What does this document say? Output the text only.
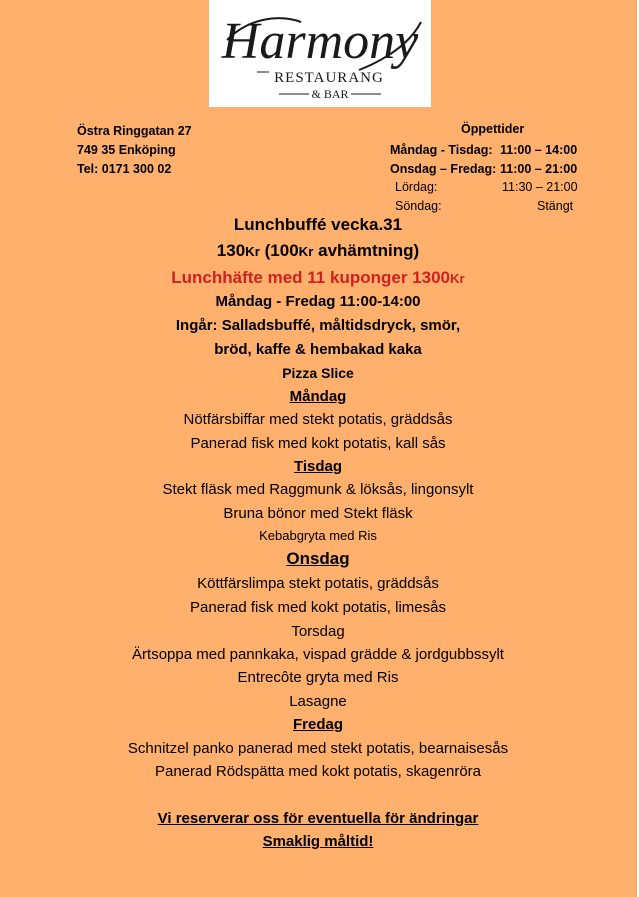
Harmony
RESTAURANG
& BAR
Östra Ringgatan 27
749 35 Enköping
Tel: 0171 300 02
Öppettider
Måndag - Tisdag: 11:00 – 14:00
Onsdag – Fredag: 11:00 – 21:00
Lördag:	11:30 – 21:00
Söndag:	Stängt
Lunchbuffé vecka.31
130Kr (100Kr avhämtning)
Lunchhäfte med 11 kuponger 1300Kr
Måndag - Fredag 11:00-14:00
Ingår: Salladsbuffé, måltidsdryck, smör,
bröd, kaffe & hembakad kaka
Pizza Slice
Måndag
Nötfärsbiffar med stekt potatis, gräddsås
Panerad fisk med kokt potatis, kall sås
Tisdag
Stekt fläsk med Raggmunk & löksås, lingonsylt
Bruna bönor med Stekt fläsk
Kebabgryta med Ris
Onsdag
Köttfärslimpa stekt potatis, gräddsås
Panerad fisk med kokt potatis, limesås
Torsdag
Ärtsoppa med pannkaka, vispad grädde & jordgubbssylt
Entrecôte gryta med Ris
Lasagne
Fredag
Schnitzel panko panerad med stekt potatis, bearnaisesås
Panerad Rödspätta med kokt potatis, skagenröra
Vi reserverar oss för eventuella för ändringar
Smaklig måltid!
